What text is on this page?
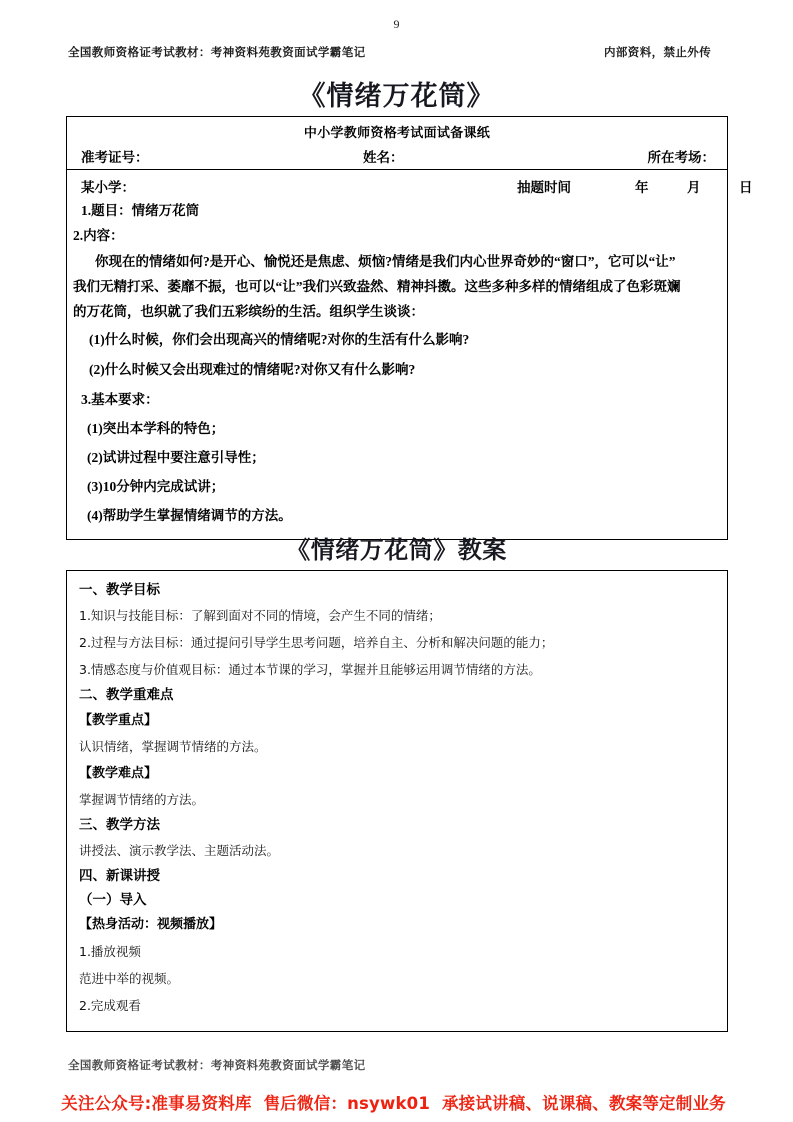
9
全国教师资格证考试教材：考神资料苑教资面试学霸笔记	内部资料，禁止外传
《情绪万花筒》
中小学教师资格考试面试备课纸
准考证号：	姓名：	所在考场：
某小学：	抽题时间	年	月	日
1.题目：情绪万花筒
2.内容：
你现在的情绪如何?是开心、愉悦还是焦虑、烦恼?情绪是我们内心世界奇妙的“窗口”，它可以“让”
我们无精打采、萎靡不振，也可以“让”我们兴致盎然、精神抖擞。这些多种多样的情绪组成了色彩斑斓
的万花筒，也织就了我们五彩缤纷的生活。组织学生谈谈：
(1)什么时候，你们会出现高兴的情绪呢?对你的生活有什么影响?
(2)什么时候又会出现难过的情绪呢?对你又有什么影响?
3.基本要求：
(1)突出本学科的特色；
(2)试讲过程中要注意引导性；
(3)10分钟内完成试讲；
(4)帮助学生掌握情绪调节的方法。
《情绪万花筒》教案
一、教学目标
1.知识与技能目标：了解到面对不同的情境，会产生不同的情绪；
2.过程与方法目标：通过提问引导学生思考问题，培养自主、分析和解决问题的能力；
3.情感态度与价值观目标：通过本节课的学习，掌握并且能够运用调节情绪的方法。
二、教学重难点
【教学重点】
认识情绪，掌握调节情绪的方法。
【教学难点】
掌握调节情绪的方法。
三、教学方法
讲授法、演示教学法、主题活动法。
四、新课讲授
（一）导入
【热身活动：视频播放】
1.播放视频
范进中举的视频。
2.完成观看
全国教师资格证考试教材：考神资料苑教资面试学霸笔记
关注公众号:准事易资料库 售后微信：nsywk01 承接试讲稿、说课稿、教案等定制业务
